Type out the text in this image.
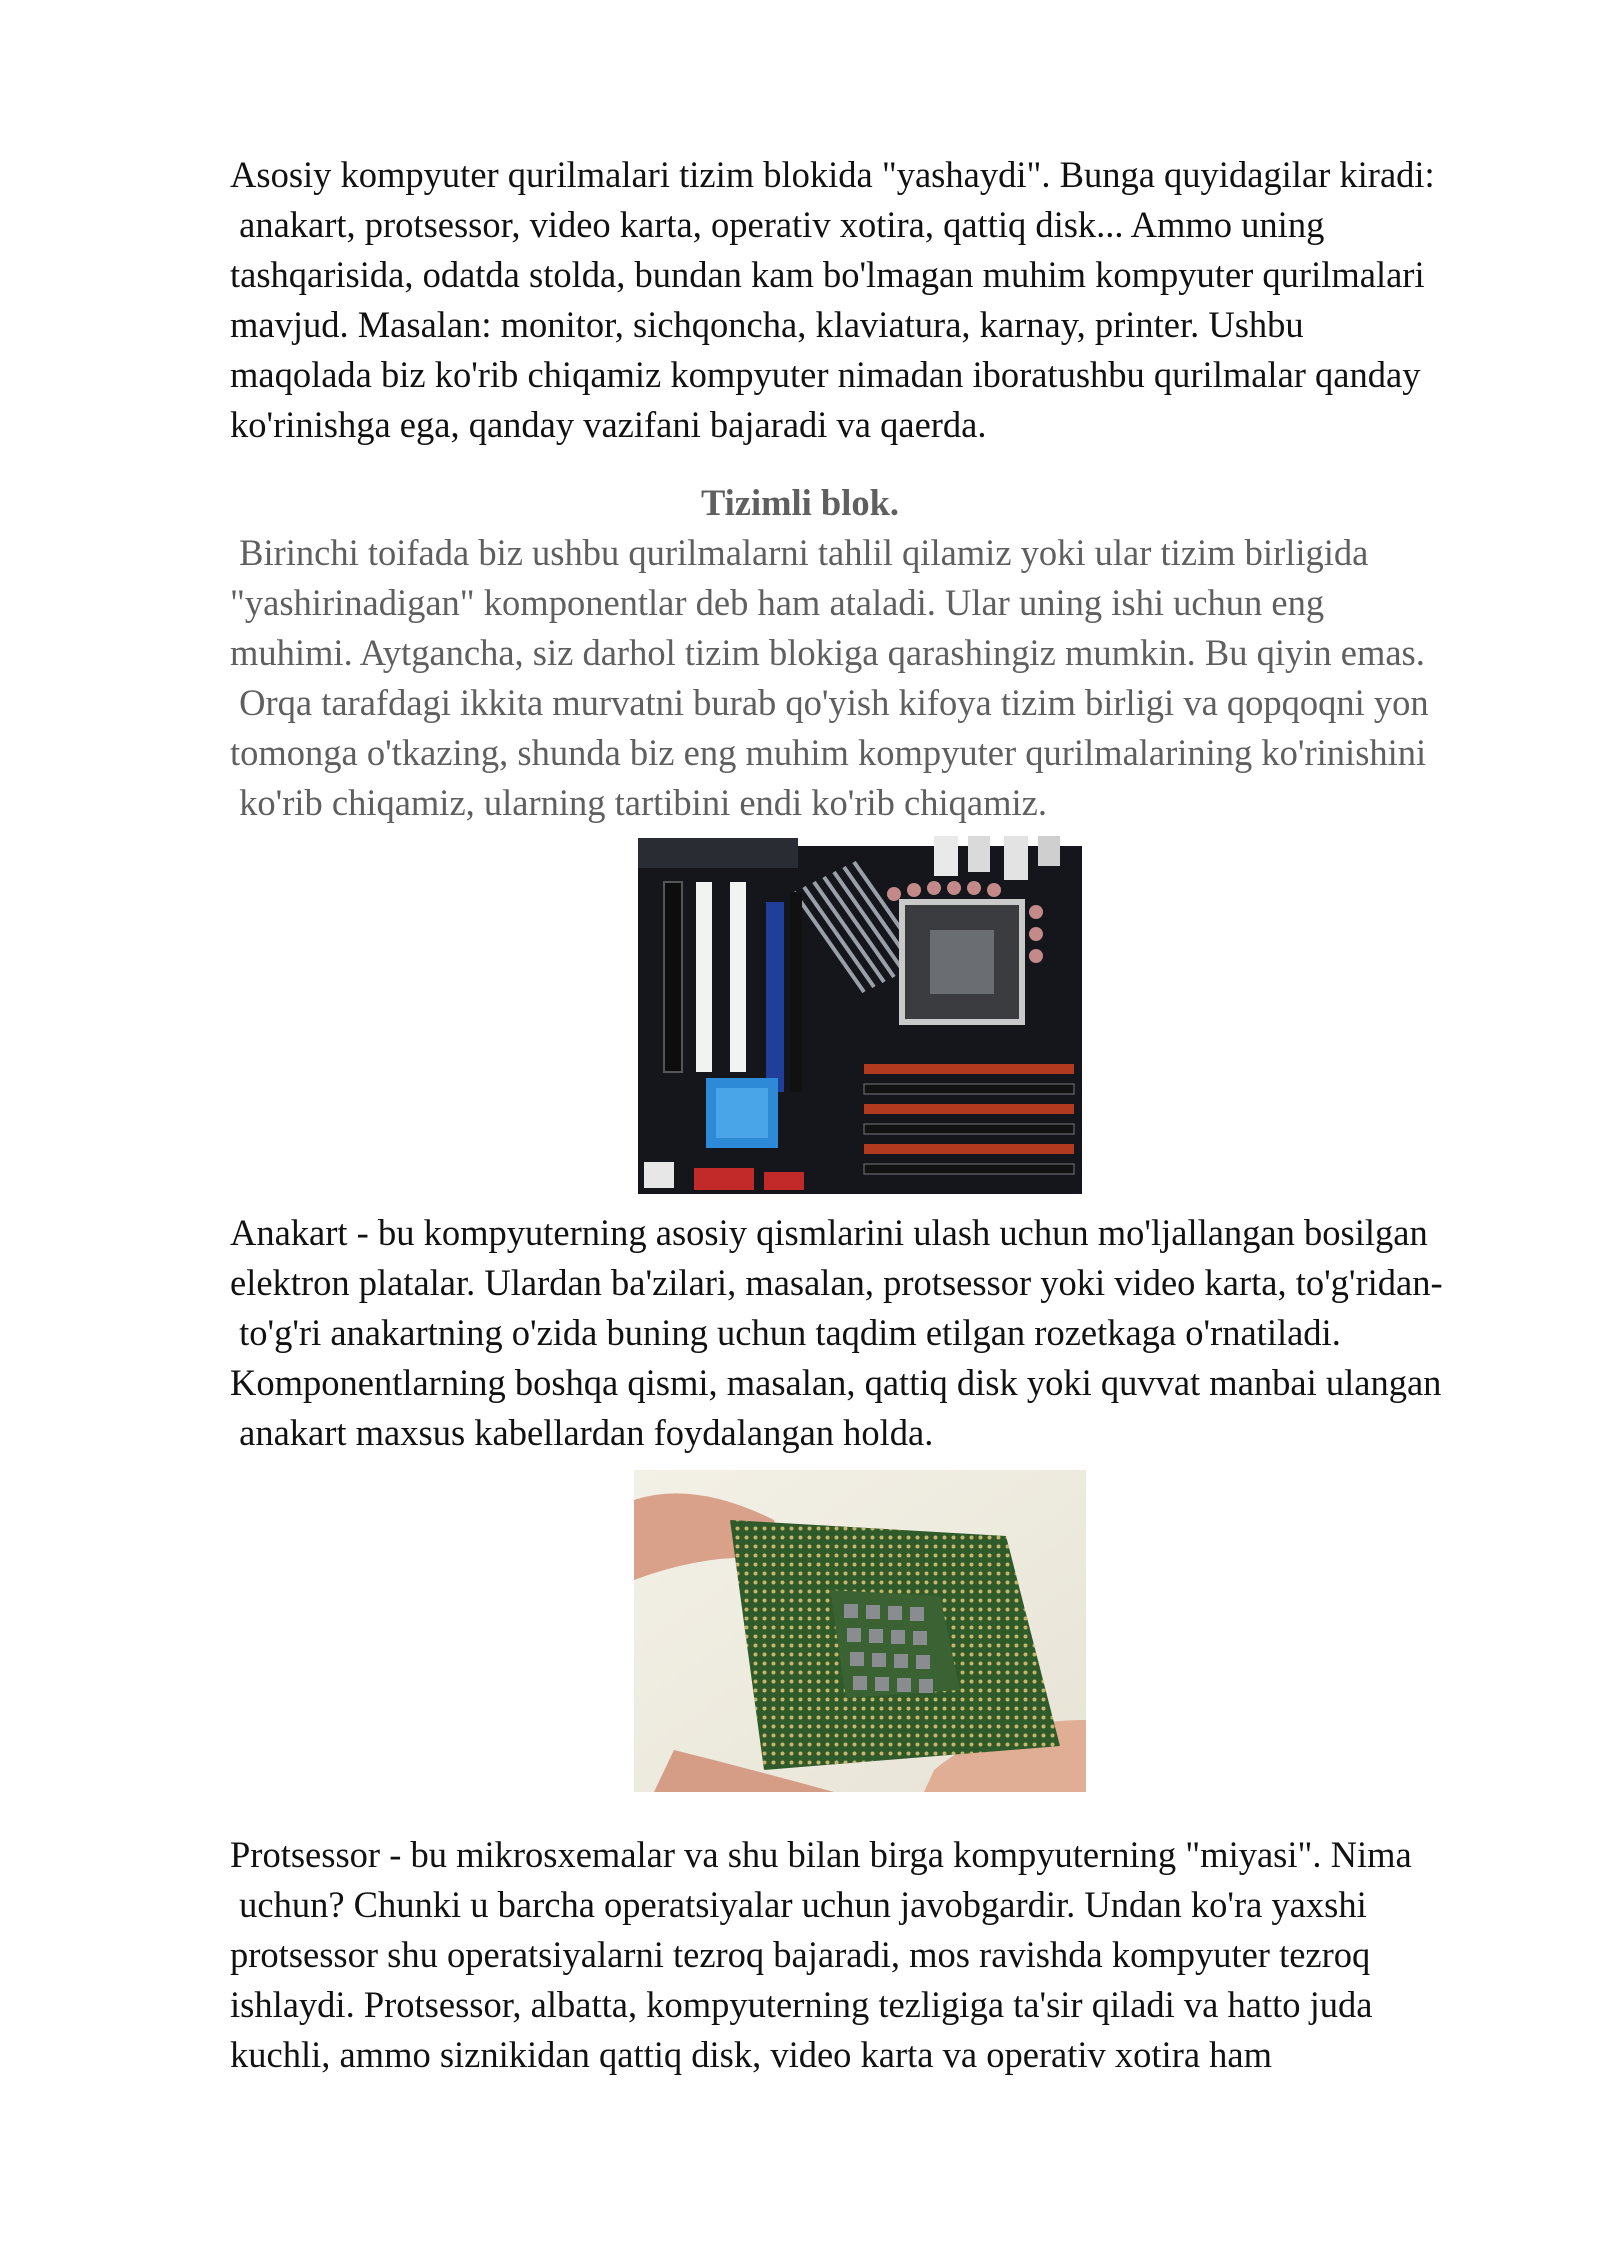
Asosiy kompyuter qurilmalari tizim blokida "yashaydi". Bunga quyidagilar kiradi:
anakart, protsessor, video karta, operativ xotira, qattiq disk... Ammo uning
tashqarisida, odatda stolda, bundan kam bo'lmagan muhim kompyuter qurilmalari
mavjud. Masalan: monitor, sichqoncha, klaviatura, karnay, printer. Ushbu
maqolada biz ko'rib chiqamiz kompyuter nimadan iboratushbu qurilmalar qanday
ko'rinishga ega, qanday vazifani bajaradi va qaerda.
Tizimli blok.
Birinchi toifada biz ushbu qurilmalarni tahlil qilamiz yoki ular tizim birligida
"yashirinadigan" komponentlar deb ham ataladi. Ular uning ishi uchun eng
muhimi. Aytgancha, siz darhol tizim blokiga qarashingiz mumkin. Bu qiyin emas.
Orqa tarafdagi ikkita murvatni burab qo'yish kifoya tizim birligi va qopqoqni yon
tomonga o'tkazing, shunda biz eng muhim kompyuter qurilmalarining ko'rinishini
ko'rib chiqamiz, ularning tartibini endi ko'rib chiqamiz.
Anakart - bu kompyuterning asosiy qismlarini ulash uchun mo'ljallangan bosilgan
elektron platalar. Ulardan ba'zilari, masalan, protsessor yoki video karta, to'g'ridan-
to'g'ri anakartning o'zida buning uchun taqdim etilgan rozetkaga o'rnatiladi.
Komponentlarning boshqa qismi, masalan, qattiq disk yoki quvvat manbai ulangan
anakart maxsus kabellardan foydalangan holda.
Protsessor - bu mikrosxemalar va shu bilan birga kompyuterning "miyasi". Nima
uchun? Chunki u barcha operatsiyalar uchun javobgardir. Undan ko'ra yaxshi
protsessor shu operatsiyalarni tezroq bajaradi, mos ravishda kompyuter tezroq
ishlaydi. Protsessor, albatta, kompyuterning tezligiga ta'sir qiladi va hatto juda
kuchli, ammo siznikidan qattiq disk, video karta va operativ xotira ham
